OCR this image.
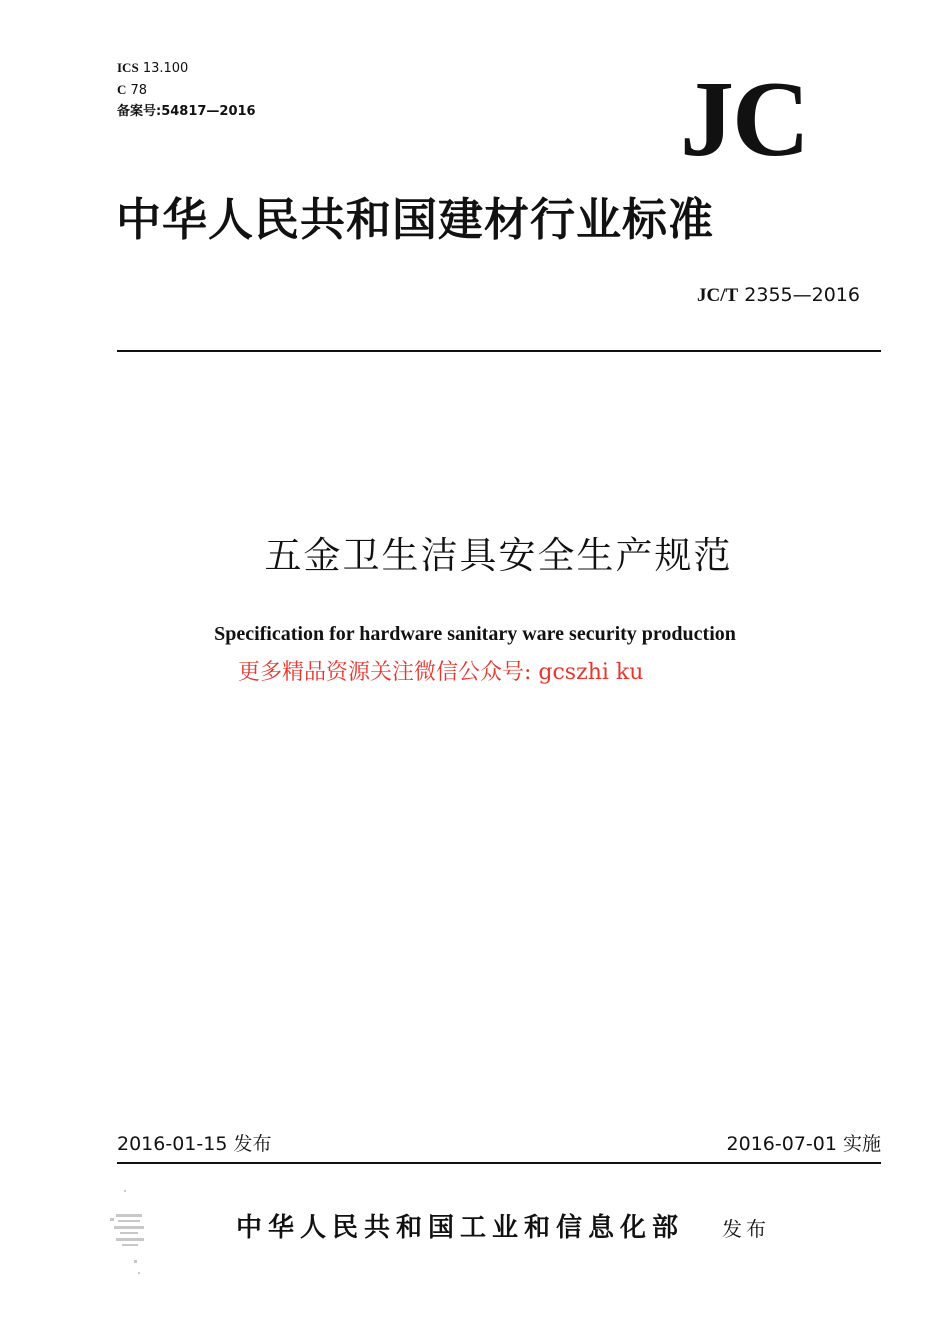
ICS 13.100
C 78
备案号:54817—2016	JC
中华人民共和国建材行业标准
JC/T 2355—2016
五金卫生洁具安全生产规范
Specification for hardware sanitary ware security production
更多精品资源关注微信公众号: gcszhi ku
2016-01-15 发布	2016-07-01 实施
中华人民共和国工业和信息化部 发布
